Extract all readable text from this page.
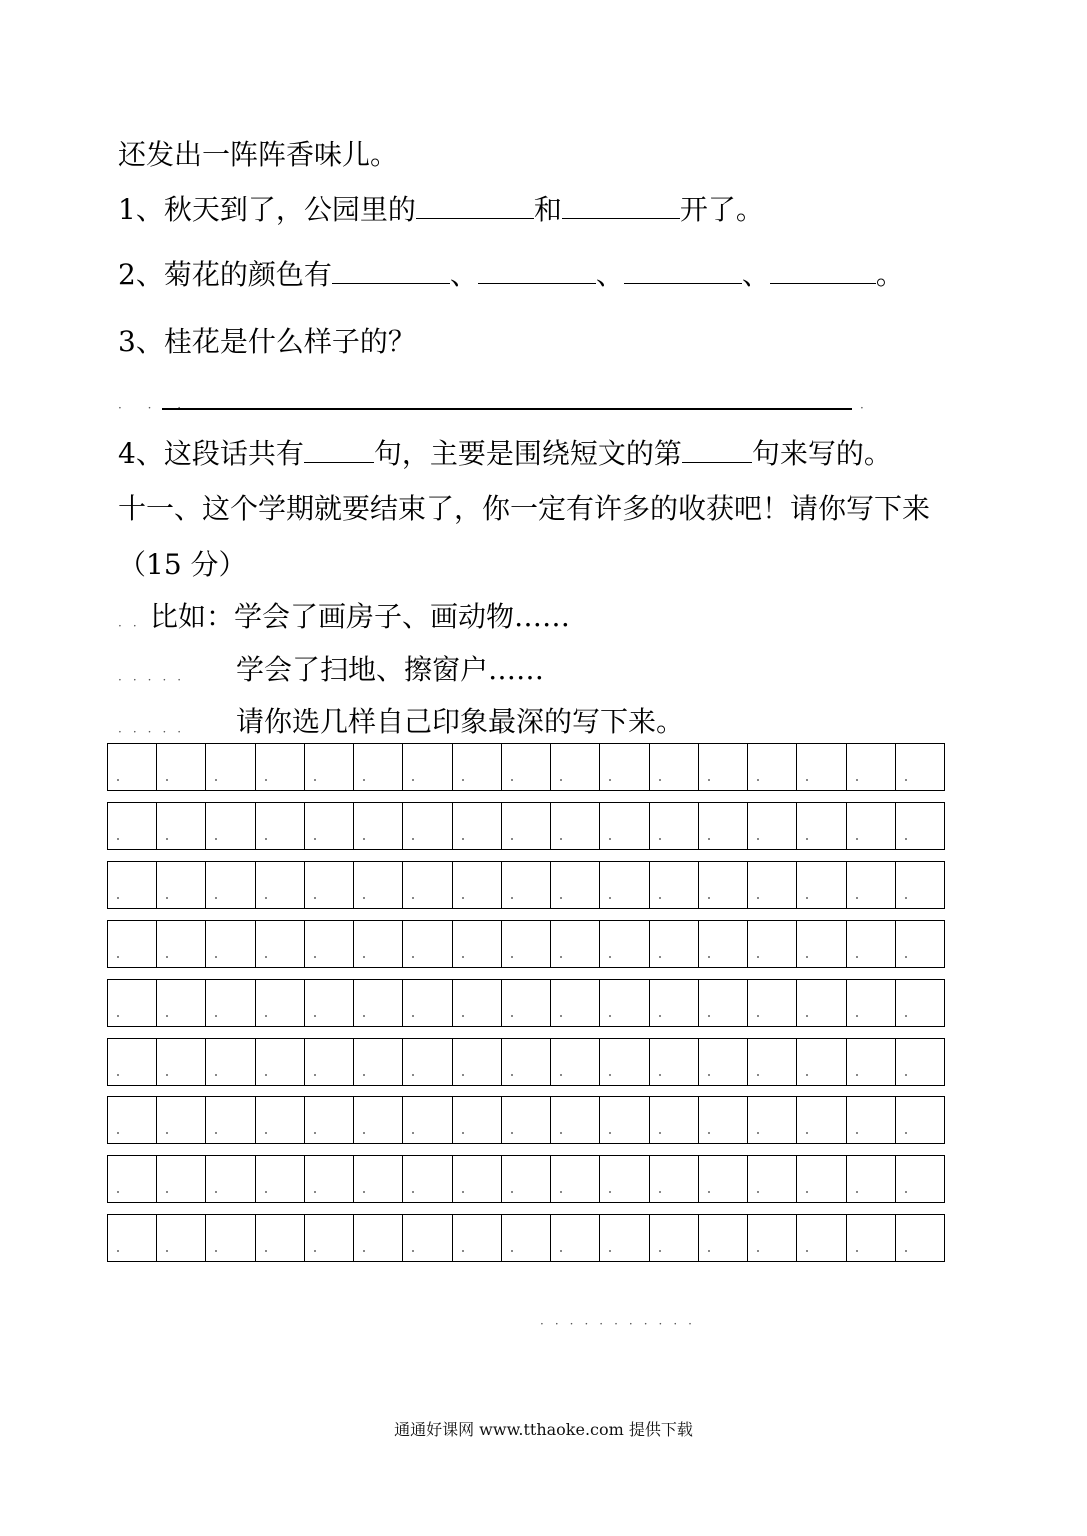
还发出一阵阵香味儿。
1、秋天到了，公园里的	和	开了。
2、菊花的颜色有	、	、	、	。
3、桂花是什么样子的？
· · ·	·
4、这段话共有	句，主要是围绕短文的第	句来写的。
十一、这个学期就要结束了，你一定有许多的收获吧！请你写下来
（15 分）
·· 比如：学会了画房子、画动物……
····· 学会了扫地、擦窗户……
····· 请你选几样自己印象最深的写下来。
···········
通通好课网 www.tthaoke.com 提供下载
